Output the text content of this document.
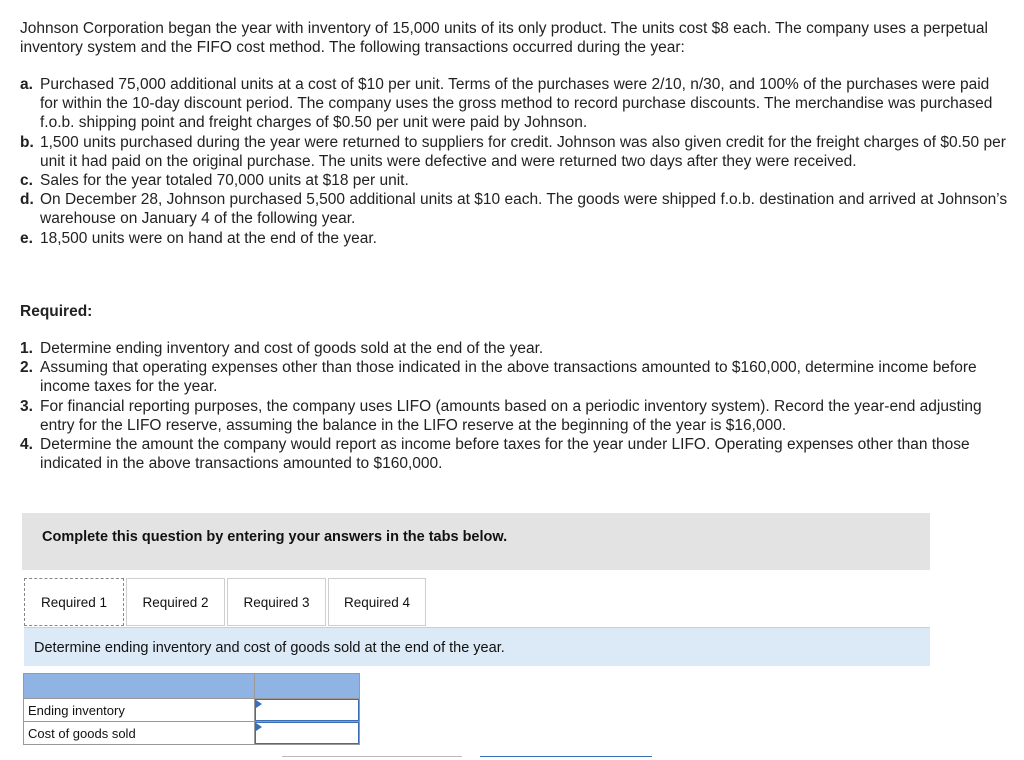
Johnson Corporation began the year with inventory of 15,000 units of its only product. The units cost $8 each. The company uses a perpetual inventory system and the FIFO cost method. The following transactions occurred during the year:

a. Purchased 75,000 additional units at a cost of $10 per unit. Terms of the purchases were 2/10, n/30, and 100% of the purchases were paid for within the 10-day discount period. The company uses the gross method to record purchase discounts. The merchandise was purchased f.o.b. shipping point and freight charges of $0.50 per unit were paid by Johnson.
b. 1,500 units purchased during the year were returned to suppliers for credit. Johnson was also given credit for the freight charges of $0.50 per unit it had paid on the original purchase. The units were defective and were returned two days after they were received.
c. Sales for the year totaled 70,000 units at $18 per unit.
d. On December 28, Johnson purchased 5,500 additional units at $10 each. The goods were shipped f.o.b. destination and arrived at Johnson’s warehouse on January 4 of the following year.
e. 18,500 units were on hand at the end of the year.

Required:

1. Determine ending inventory and cost of goods sold at the end of the year.
2. Assuming that operating expenses other than those indicated in the above transactions amounted to $160,000, determine income before income taxes for the year.
3. For financial reporting purposes, the company uses LIFO (amounts based on a periodic inventory system). Record the year-end adjusting entry for the LIFO reserve, assuming the balance in the LIFO reserve at the beginning of the year is $16,000.
4. Determine the amount the company would report as income before taxes for the year under LIFO. Operating expenses other than those indicated in the above transactions amounted to $160,000.
Complete this question by entering your answers in the tabs below.
Required 1	Required 2	Required 3	Required 4
Determine ending inventory and cost of goods sold at the end of the year.

Ending inventory	

Cost of goods sold	
